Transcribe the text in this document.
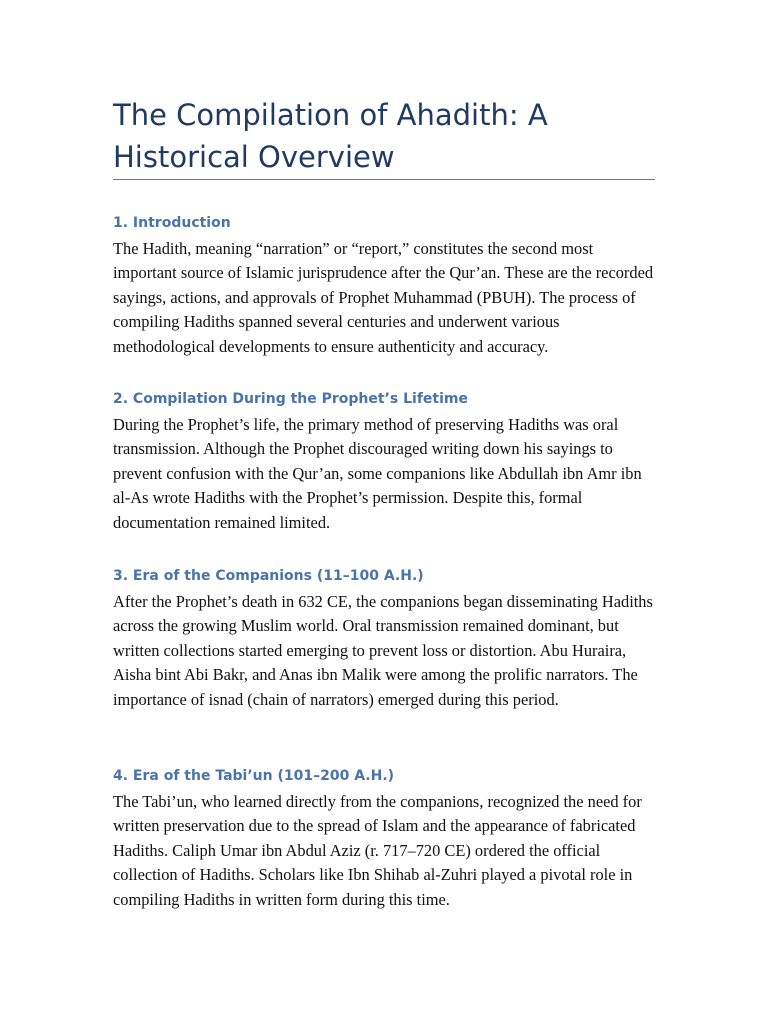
The Compilation of Ahadith: A Historical Overview
1. Introduction

The Hadith, meaning “narration” or “report,” constitutes the second most important source of Islamic jurisprudence after the Qur’an. These are the recorded sayings, actions, and approvals of Prophet Muhammad (PBUH). The process of compiling Hadiths spanned several centuries and underwent various methodological developments to ensure authenticity and accuracy.

2. Compilation During the Prophet’s Lifetime

During the Prophet’s life, the primary method of preserving Hadiths was oral transmission. Although the Prophet discouraged writing down his sayings to prevent confusion with the Qur’an, some companions like Abdullah ibn Amr ibn al-As wrote Hadiths with the Prophet’s permission. Despite this, formal documentation remained limited.

3. Era of the Companions (11–100 A.H.)

After the Prophet’s death in 632 CE, the companions began disseminating Hadiths across the growing Muslim world. Oral transmission remained dominant, but written collections started emerging to prevent loss or distortion. Abu Huraira, Aisha bint Abi Bakr, and Anas ibn Malik were among the prolific narrators. The importance of isnad (chain of narrators) emerged during this period.

4. Era of the Tabi’un (101–200 A.H.)

The Tabi’un, who learned directly from the companions, recognized the need for written preservation due to the spread of Islam and the appearance of fabricated Hadiths. Caliph Umar ibn Abdul Aziz (r. 717–720 CE) ordered the official collection of Hadiths. Scholars like Ibn Shihab al-Zuhri played a pivotal role in compiling Hadiths in written form during this time.
